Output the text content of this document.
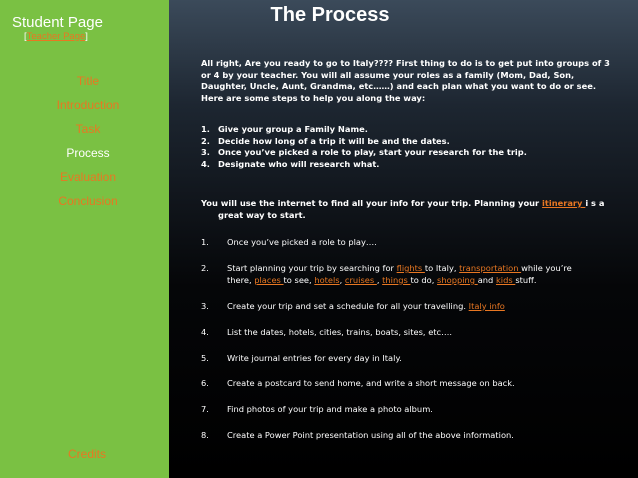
Student Page
[Teacher Page]
Title
Introduction
Task
Process
Evaluation
Conclusion
Credits
The Process
All right, Are you ready to go to Italy???? First thing to do is to get put into groups of 3 or 4 by your teacher. You will all assume your roles as a family (Mom, Dad, Son, Daughter, Uncle, Aunt, Grandma, etc……) and each plan what you want to do or see. Here are some steps to help you along the way:
1. Give your group a Family Name.
2. Decide how long of a trip it will be and the dates.
3. Once you’ve picked a role to play, start your research for the trip.
4. Designate who will research what.
You will use the internet to find all your info for your trip. Planning your itinerary i s a
great way to start.
1. Once you’ve picked a role to play….
2. Start planning your trip by searching for flights to Italy, transportation while you’re
there, places to see, hotels, cruises , things to do, shopping and kids stuff.
3. Create your trip and set a schedule for all your travelling. Italy info
4. List the dates, hotels, cities, trains, boats, sites, etc….
5. Write journal entries for every day in Italy.
6. Create a postcard to send home, and write a short message on back.
7. Find photos of your trip and make a photo album.
8. Create a Power Point presentation using all of the above information.
